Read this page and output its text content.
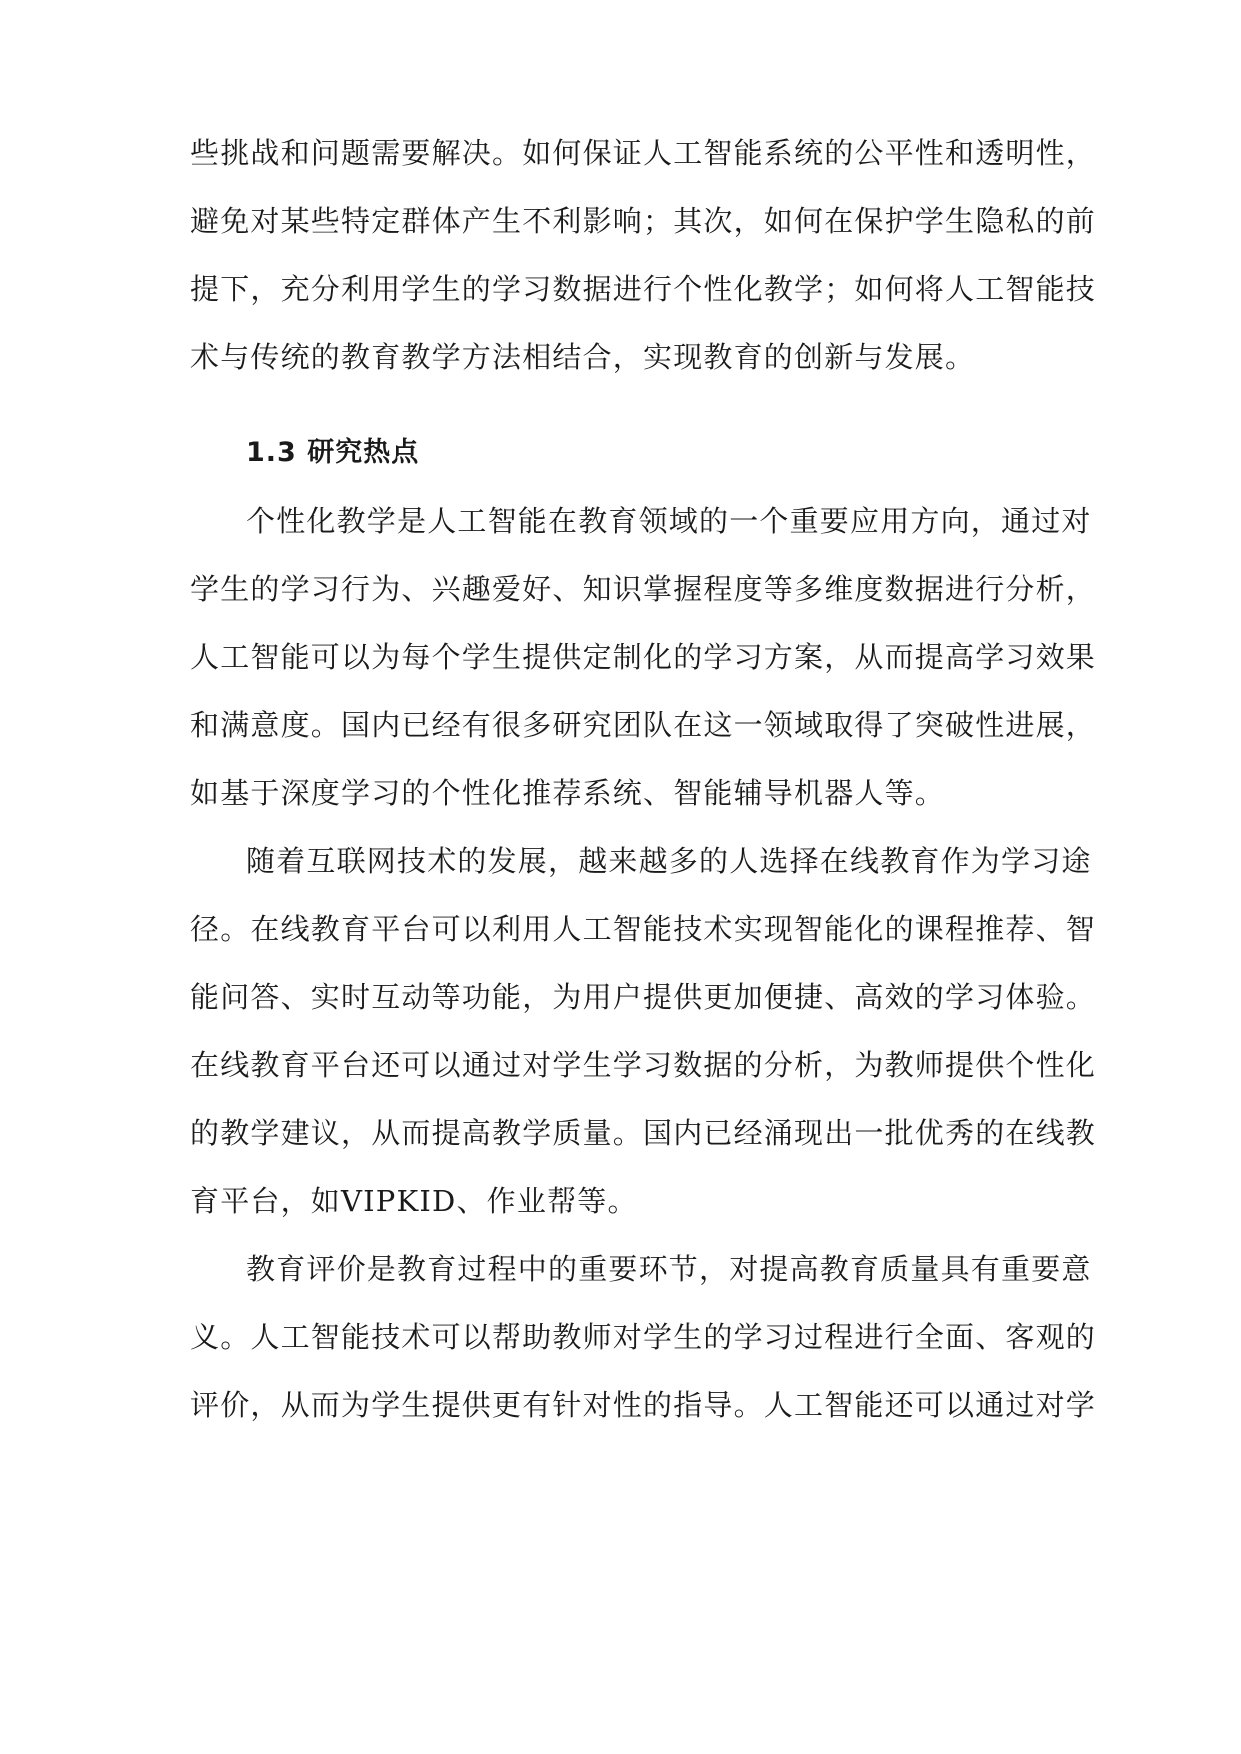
些挑战和问题需要解决。如何保证人工智能系统的公平性和透明性，

避免对某些特定群体产生不利影响；其次，如何在保护学生隐私的前

提下，充分利用学生的学习数据进行个性化教学；如何将人工智能技

术与传统的教育教学方法相结合，实现教育的创新与发展。

1.3 研究热点

个性化教学是人工智能在教育领域的一个重要应用方向，通过对

学生的学习行为、兴趣爱好、知识掌握程度等多维度数据进行分析，

人工智能可以为每个学生提供定制化的学习方案，从而提高学习效果

和满意度。国内已经有很多研究团队在这一领域取得了突破性进展，

如基于深度学习的个性化推荐系统、智能辅导机器人等。

随着互联网技术的发展，越来越多的人选择在线教育作为学习途

径。在线教育平台可以利用人工智能技术实现智能化的课程推荐、智

能问答、实时互动等功能，为用户提供更加便捷、高效的学习体验。

在线教育平台还可以通过对学生学习数据的分析，为教师提供个性化

的教学建议，从而提高教学质量。国内已经涌现出一批优秀的在线教

育平台，如VIPKID、作业帮等。

教育评价是教育过程中的重要环节，对提高教育质量具有重要意

义。人工智能技术可以帮助教师对学生的学习过程进行全面、客观的

评价，从而为学生提供更有针对性的指导。人工智能还可以通过对学
